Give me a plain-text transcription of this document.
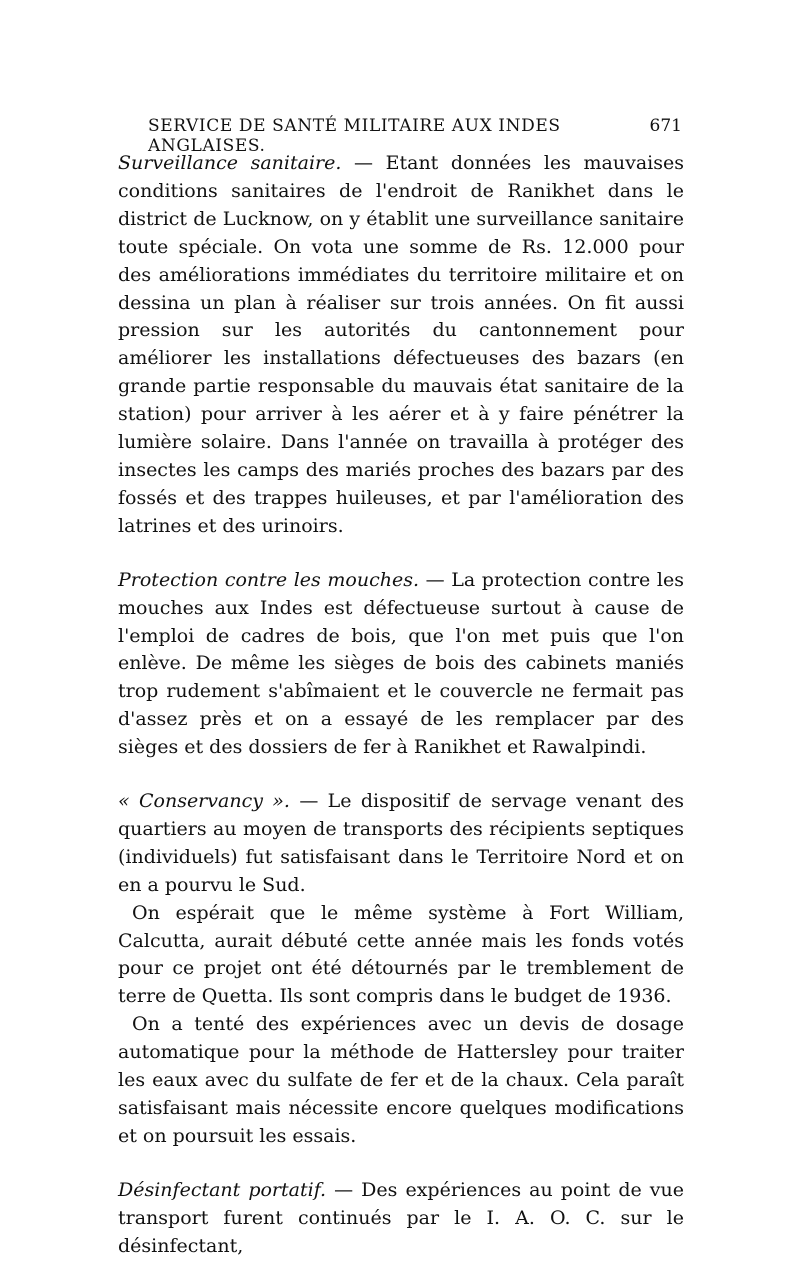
SERVICE DE SANTÉ MILITAIRE AUX INDES ANGLAISES.
671

Surveillance sanitaire. — Etant données les mauvaises conditions sanitaires de l'endroit de Ranikhet dans le district de Lucknow, on y établit une surveillance sanitaire toute spéciale. On vota une somme de Rs. 12.000 pour des améliorations immédiates du territoire militaire et on dessina un plan à réaliser sur trois années. On fit aussi pression sur les autorités du cantonnement pour améliorer les installations défectueuses des bazars (en grande partie responsable du mauvais état sanitaire de la station) pour arriver à les aérer et à y faire pénétrer la lumière solaire. Dans l'année on travailla à protéger des insectes les camps des mariés proches des bazars par des fossés et des trappes huileuses, et par l'amélioration des latrines et des urinoirs.

Protection contre les mouches. — La protection contre les mouches aux Indes est défectueuse surtout à cause de l'emploi de cadres de bois, que l'on met puis que l'on enlève. De même les sièges de bois des cabinets maniés trop rudement s'abîmaient et le couvercle ne fermait pas d'assez près et on a essayé de les remplacer par des sièges et des dossiers de fer à Ranikhet et Rawalpindi.

« Conservancy ». — Le dispositif de servage venant des quartiers au moyen de transports des récipients septiques (individuels) fut satisfaisant dans le Territoire Nord et on en a pourvu le Sud.

On espérait que le même système à Fort William, Calcutta, aurait débuté cette année mais les fonds votés pour ce projet ont été détournés par le tremblement de terre de Quetta. Ils sont compris dans le budget de 1936.

On a tenté des expériences avec un devis de dosage automatique pour la méthode de Hattersley pour traiter les eaux avec du sulfate de fer et de la chaux. Cela paraît satisfaisant mais nécessite encore quelques modifications et on poursuit les essais.

Désinfectant portatif. — Des expériences au point de vue transport furent continués par le I. A. O. C. sur le désinfectant,
